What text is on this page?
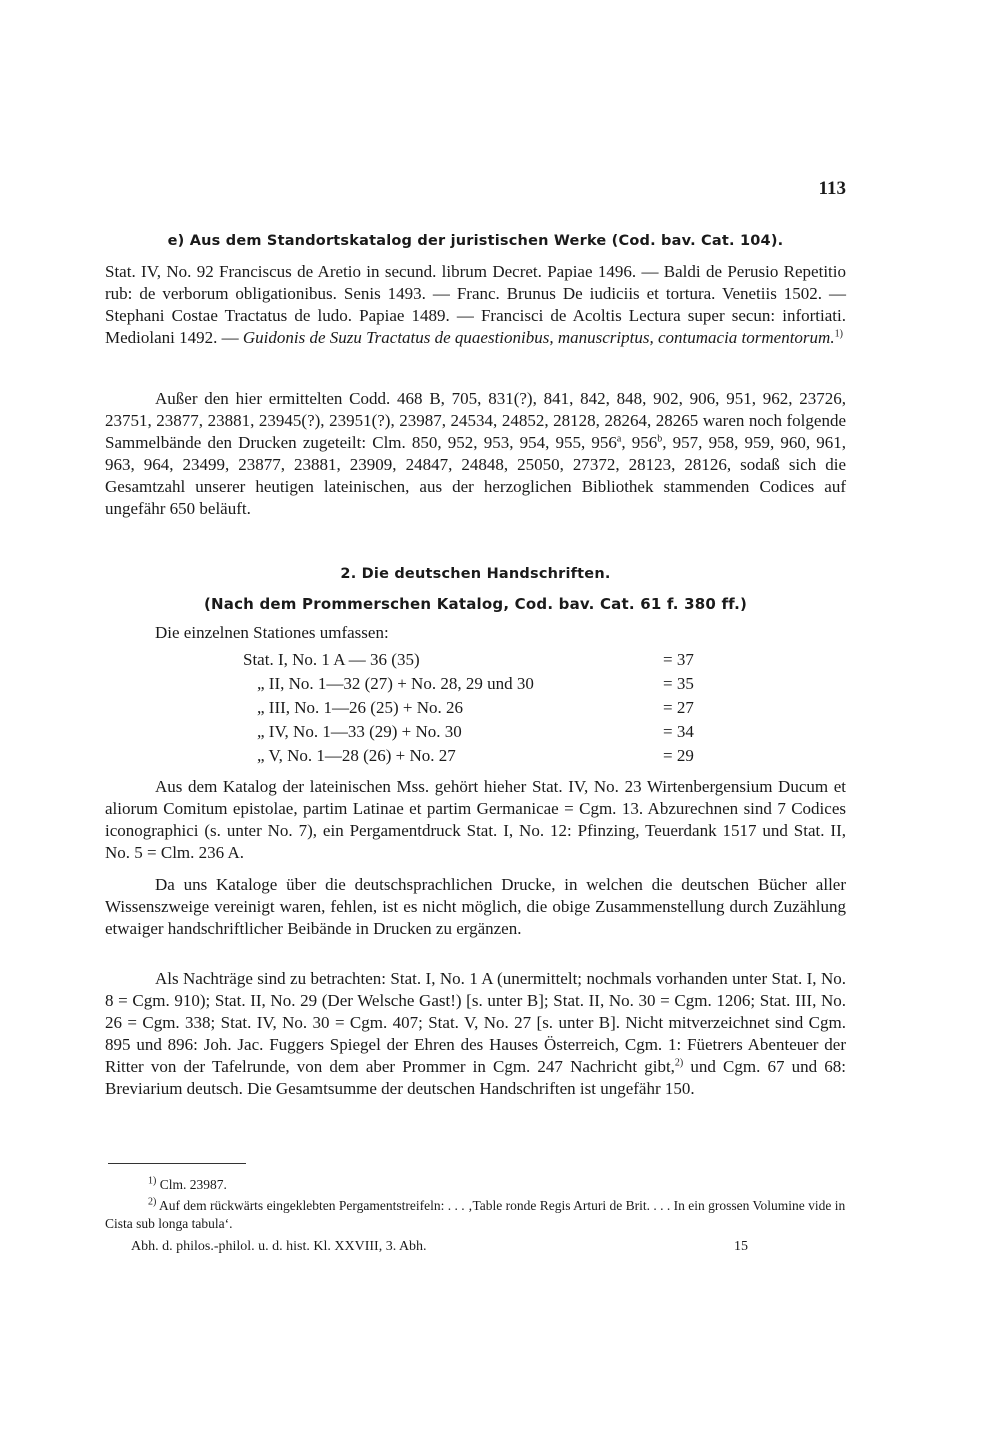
113
e) Aus dem Standortskatalog der juristischen Werke (Cod. bav. Cat. 104).
Stat. IV, No. 92 Franciscus de Aretio in secund. librum Decret. Papiae 1496. — Baldi de Perusio Repetitio rub: de verborum obligationibus. Senis 1493. — Franc. Brunus De iudiciis et tortura. Venetiis 1502. — Stephani Costae Tractatus de ludo. Papiae 1489. — Francisci de Acoltis Lectura super secun: infortiati. Mediolani 1492. — Guidonis de Suzu Tractatus de quaestionibus, manuscriptus, contumacia tormentorum.$^{1)}$
Außer den hier ermittelten Codd. 468 B, 705, 831(?), 841, 842, 848, 902, 906, 951, 962, 23726, 23751, 23877, 23881, 23945(?), 23951(?), 23987, 24534, 24852, 28128, 28264, 28265 waren noch folgende Sammelbände den Drucken zugeteilt: Clm. 850, 952, 953, 954, 955, 956$^a$, 956$^b$, 957, 958, 959, 960, 961, 963, 964, 23499, 23877, 23881, 23909, 24847, 24848, 25050, 27372, 28123, 28126, sodaß sich die Gesamtzahl unserer heutigen lateinischen, aus der herzoglichen Bibliothek stammenden Codices auf ungefähr 650 beläuft.
2. Die deutschen Handschriften.
(Nach dem Prommerschen Katalog, Cod. bav. Cat. 61 f. 380 ff.)
Die einzelnen Stationes umfassen:
Stat. I, No. 1 A — 36 (35)	= 37
„ II, No. 1—32 (27) + No. 28, 29 und 30	= 35
„ III, No. 1—26 (25) + No. 26	= 27
„ IV, No. 1—33 (29) + No. 30	= 34
„ V, No. 1—28 (26) + No. 27	= 29
Aus dem Katalog der lateinischen Mss. gehört hieher Stat. IV, No. 23 Wirtenbergensium Ducum et aliorum Comitum epistolae, partim Latinae et partim Germanicae = Cgm. 13. Abzurechnen sind 7 Codices iconographici (s. unter No. 7), ein Pergamentdruck Stat. I, No. 12: Pfinzing, Teuerdank 1517 und Stat. II, No. 5 = Clm. 236 A.
Da uns Kataloge über die deutschsprachlichen Drucke, in welchen die deutschen Bücher aller Wissenszweige vereinigt waren, fehlen, ist es nicht möglich, die obige Zusammenstellung durch Zuzählung etwaiger handschriftlicher Beibände in Drucken zu ergänzen.
Als Nachträge sind zu betrachten: Stat. I, No. 1 A (unermittelt; nochmals vorhanden unter Stat. I, No. 8 = Cgm. 910); Stat. II, No. 29 (Der Welsche Gast!) [s. unter B]; Stat. II, No. 30 = Cgm. 1206; Stat. III, No. 26 = Cgm. 338; Stat. IV, No. 30 = Cgm. 407; Stat. V, No. 27 [s. unter B]. Nicht mitverzeichnet sind Cgm. 895 und 896: Joh. Jac. Fuggers Spiegel der Ehren des Hauses Österreich, Cgm. 1: Füetrers Abenteuer der Ritter von der Tafelrunde, von dem aber Prommer in Cgm. 247 Nachricht gibt,$^{2)}$ und Cgm. 67 und 68: Breviarium deutsch. Die Gesamtsumme der deutschen Handschriften ist ungefähr 150.
$^{1)}$ Clm. 23987.
$^{2)}$ Auf dem rückwärts eingeklebten Pergamentstreifeln: . . . ‚Table ronde Regis Arturi de Brit. . . . In ein grossen Volumine vide in Cista sub longa tabula‘.
Abh. d. philos.-philol. u. d. hist. Kl. XXVIII, 3. Abh.	15
